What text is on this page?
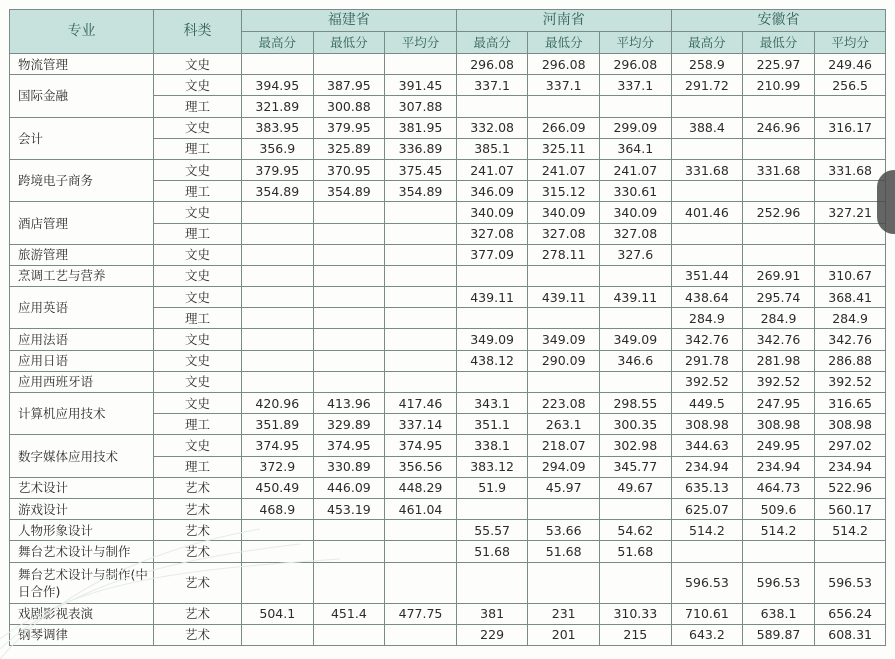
专业	科类	福建省			河南省			安徽省		
		最高分	最低分	平均分	最高分	最低分	平均分	最高分	最低分	平均分
物流管理	文史				296.08	296.08	296.08	258.9	225.97	249.46
国际金融	文史	394.95	387.95	391.45	337.1	337.1	337.1	291.72	210.99	256.5
	理工	321.89	300.88	307.88						
会计	文史	383.95	379.95	381.95	332.08	266.09	299.09	388.4	246.96	316.17
	理工	356.9	325.89	336.89	385.1	325.11	364.1			
跨境电子商务	文史	379.95	370.95	375.45	241.07	241.07	241.07	331.68	331.68	331.68
	理工	354.89	354.89	354.89	346.09	315.12	330.61			
酒店管理	文史				340.09	340.09	340.09	401.46	252.96	327.21
	理工				327.08	327.08	327.08			
旅游管理	文史				377.09	278.11	327.6			
烹调工艺与营养	文史							351.44	269.91	310.67
应用英语	文史				439.11	439.11	439.11	438.64	295.74	368.41
	理工							284.9	284.9	284.9
应用法语	文史				349.09	349.09	349.09	342.76	342.76	342.76
应用日语	文史				438.12	290.09	346.6	291.78	281.98	286.88
应用西班牙语	文史							392.52	392.52	392.52
计算机应用技术	文史	420.96	413.96	417.46	343.1	223.08	298.55	449.5	247.95	316.65
	理工	351.89	329.89	337.14	351.1	263.1	300.35	308.98	308.98	308.98
数字媒体应用技术	文史	374.95	374.95	374.95	338.1	218.07	302.98	344.63	249.95	297.02
	理工	372.9	330.89	356.56	383.12	294.09	345.77	234.94	234.94	234.94
艺术设计	艺术	450.49	446.09	448.29	51.9	45.97	49.67	635.13	464.73	522.96
游戏设计	艺术	468.9	453.19	461.04				625.07	509.6	560.17
人物形象设计	艺术				55.57	53.66	54.62	514.2	514.2	514.2
舞台艺术设计与制作	艺术				51.68	51.68	51.68			
舞台艺术设计与制作(中日合作)	艺术							596.53	596.53	596.53
戏剧影视表演	艺术	504.1	451.4	477.75	381	231	310.33	710.61	638.1	656.24
钢琴调律	艺术				229	201	215	643.2	589.87	608.31
